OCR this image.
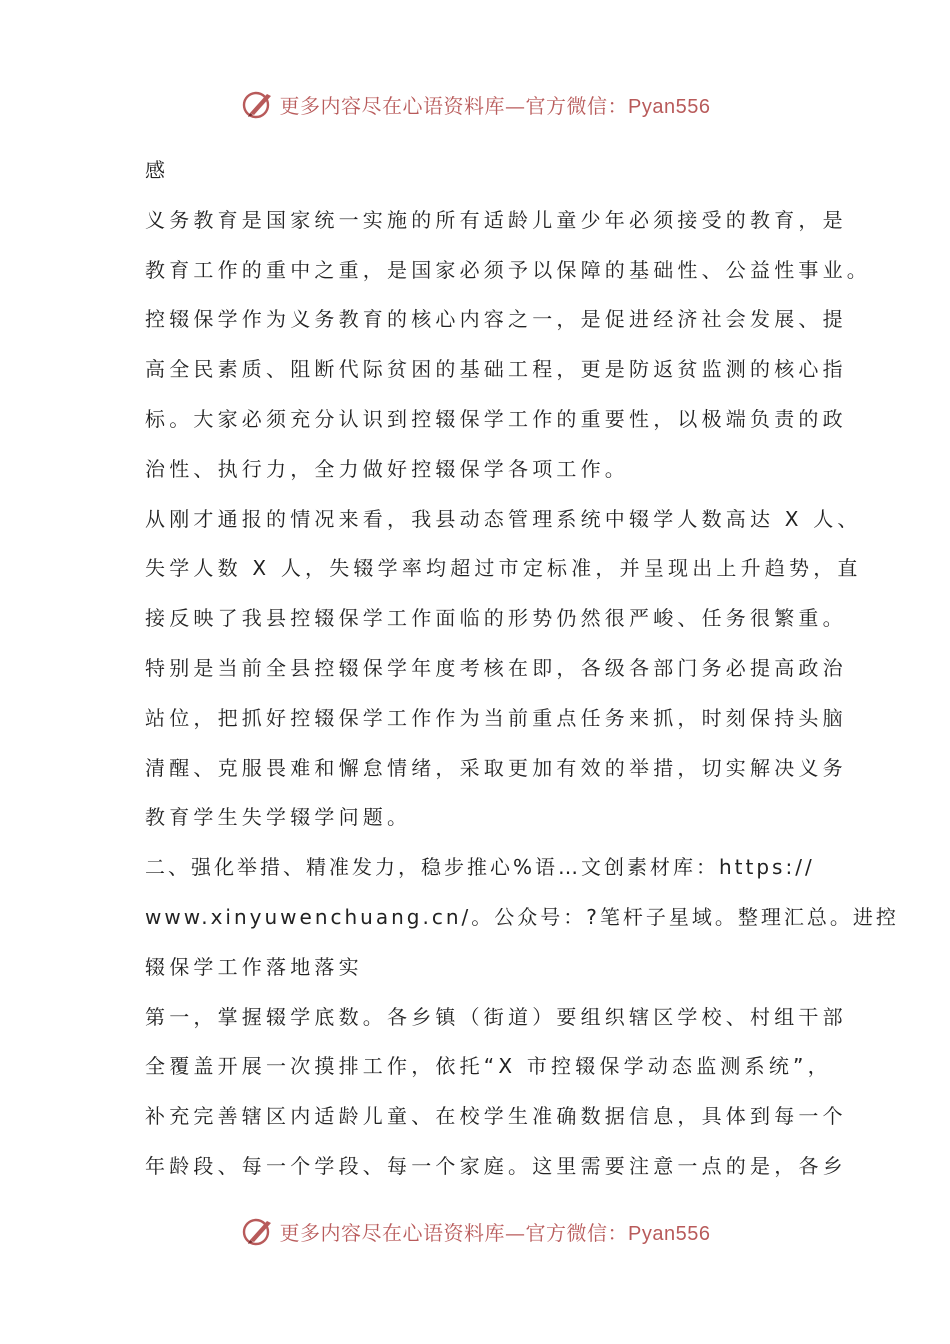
更多内容尽在心语资料库—官方微信：Pyan556
感
义务教育是国家统一实施的所有适龄儿童少年必须接受的教育，是
教育工作的重中之重，是国家必须予以保障的基础性、公益性事业。
控辍保学作为义务教育的核心内容之一，是促进经济社会发展、提
高全民素质、阻断代际贫困的基础工程，更是防返贫监测的核心指
标。大家必须充分认识到控辍保学工作的重要性，以极端负责的政
治性、执行力，全力做好控辍保学各项工作。
从刚才通报的情况来看，我县动态管理系统中辍学人数高达 X 人、
失学人数 X 人，失辍学率均超过市定标准，并呈现出上升趋势，直
接反映了我县控辍保学工作面临的形势仍然很严峻、任务很繁重。
特别是当前全县控辍保学年度考核在即，各级各部门务必提高政治
站位，把抓好控辍保学工作作为当前重点任务来抓，时刻保持头脑
清醒、克服畏难和懈怠情绪，采取更加有效的举措，切实解决义务
教育学生失学辍学问题。
二、强化举措、精准发力，稳步推心%语…文创素材库：https://
www.xinyuwenchuang.cn/。公众号：?笔杆子星域。整理汇总。进控
辍保学工作落地落实
第一，掌握辍学底数。各乡镇（街道）要组织辖区学校、村组干部
全覆盖开展一次摸排工作，依托“X 市控辍保学动态监测系统”，
补充完善辖区内适龄儿童、在校学生准确数据信息，具体到每一个
年龄段、每一个学段、每一个家庭。这里需要注意一点的是，各乡
更多内容尽在心语资料库—官方微信：Pyan556
